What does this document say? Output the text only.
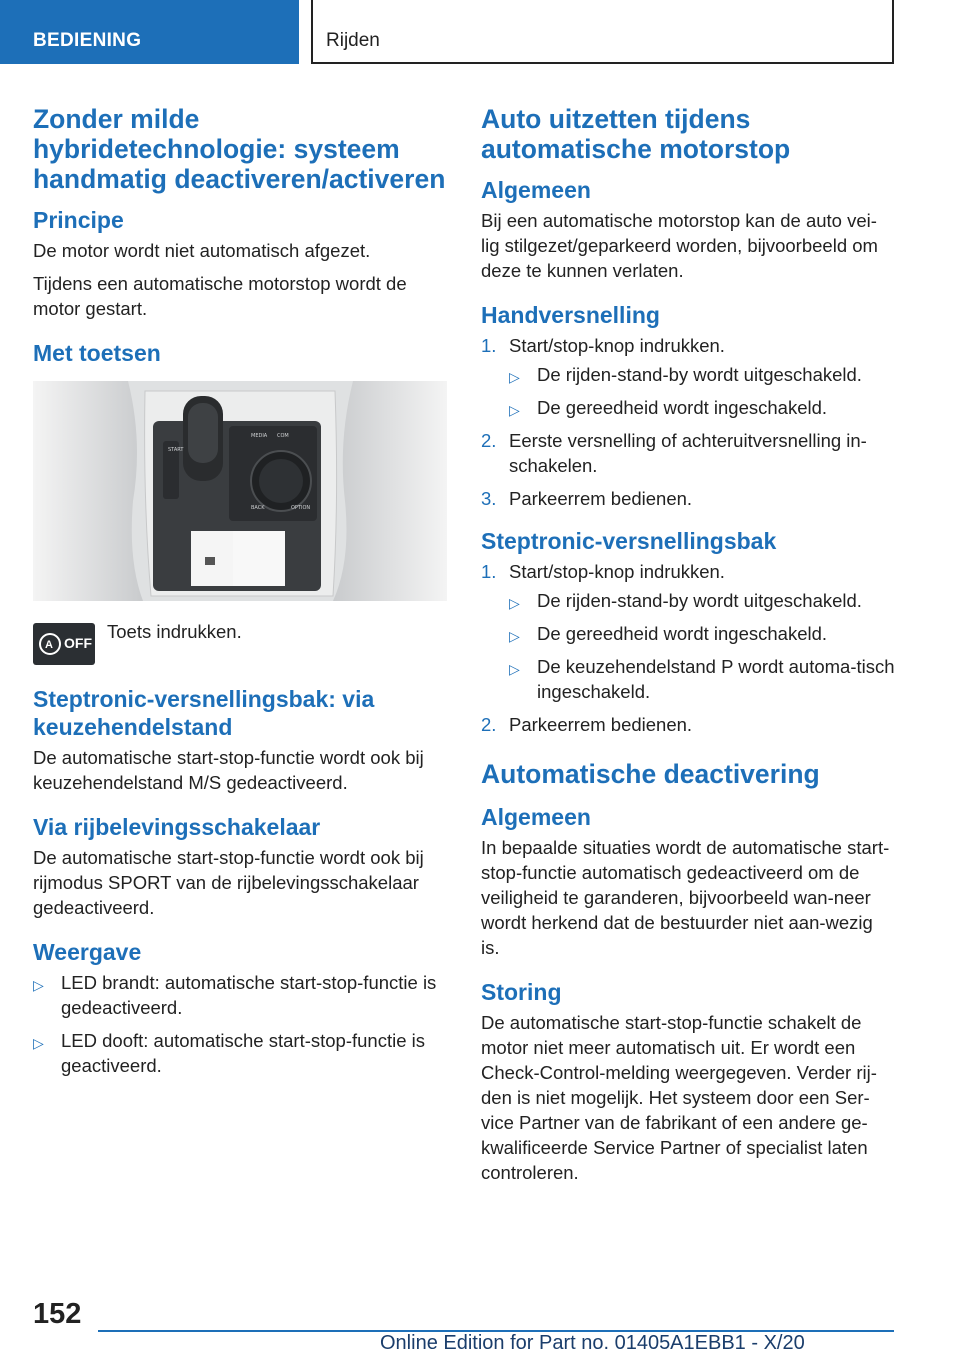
BEDIENING	Rijden
Zonder milde hybridetechnologie: systeem handmatig deactiveren/activeren
Principe

De motor wordt niet automatisch afgezet.

Tijdens een automatische motorstop wordt de motor gestart.

Met toetsen
MEDIA COM
BACK	OPTION
START
A A OFF
OFF

Toets indrukken.

Steptronic-versnellingsbak: via keuzehendelstand

De automatische start-stop-functie wordt ook bij keuzehendelstand M/S gedeactiveerd.

Via rijbelevingsschakelaar

De automatische start-stop-functie wordt ook bij rijmodus SPORT van de rijbelevingsschakelaar gedeactiveerd.

Weergave
▷ LED brandt: automatische start-stop-functie is gedeactiveerd.
▷ LED dooft: automatische start-stop-functie is geactiveerd.
Auto uitzetten tijdens automatische motorstop
Algemeen

Bij een automatische motorstop kan de auto vei-lig stilgezet/geparkeerd worden, bijvoorbeeld om deze te kunnen verlaten.

Handversnelling
1. Start/stop-knop indrukken.
▷ De rijden-stand-by wordt uitgeschakeld.
▷ De gereedheid wordt ingeschakeld.
2. Eerste versnelling of achteruitversnelling in-schakelen.
3. Parkeerrem bedienen.
Steptronic-versnellingsbak
1. Start/stop-knop indrukken.
▷ De rijden-stand-by wordt uitgeschakeld.
▷ De gereedheid wordt ingeschakeld.
▷ De keuzehendelstand P wordt automa-tisch ingeschakeld.
2. Parkeerrem bedienen.
Automatische deactivering
Algemeen

In bepaalde situaties wordt de automatische start-stop-functie automatisch gedeactiveerd om de veiligheid te garanderen, bijvoorbeeld wan-neer wordt herkend dat de bestuurder niet aan-wezig is.

Storing

De automatische start-stop-functie schakelt de motor niet meer automatisch uit. Er wordt een Check-Control-melding weergegeven. Verder rij-den is niet mogelijk. Het systeem door een Ser-vice Partner van de fabrikant of een andere ge-kwalificeerde Service Partner of specialist laten controleren.

152
Online Edition for Part no. 01405A1EBB1 - X/20
